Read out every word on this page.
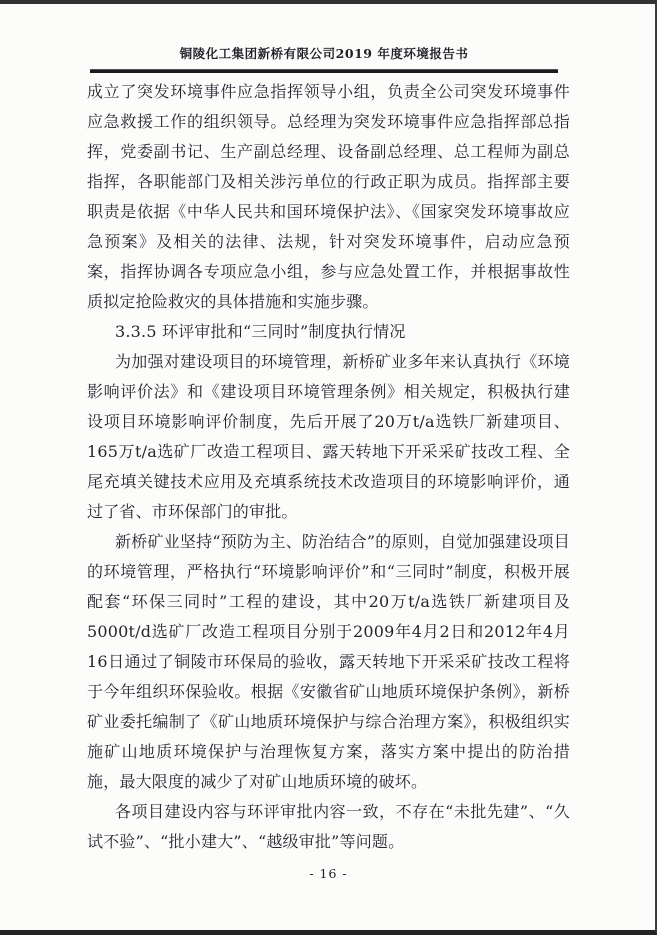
铜陵化工集团新桥有限公司2019 年度环境报告书

成立了突发环境事件应急指挥领导小组，负责全公司突发环境事件应急救援工作的组织领导。总经理为突发环境事件应急指挥部总指挥，党委副书记、生产副总经理、设备副总经理、总工程师为副总指挥，各职能部门及相关涉污单位的行政正职为成员。指挥部主要职责是依据《中华人民共和国环境保护法》、《国家突发环境事故应急预案》及相关的法律、法规，针对突发环境事件，启动应急预案，指挥协调各专项应急小组，参与应急处置工作，并根据事故性质拟定抢险救灾的具体措施和实施步骤。

3.3.5 环评审批和“三同时”制度执行情况

为加强对建设项目的环境管理，新桥矿业多年来认真执行《环境影响评价法》和《建设项目环境管理条例》相关规定，积极执行建设项目环境影响评价制度，先后开展了20万t/a选铁厂新建项目、165万t/a选矿厂改造工程项目、露天转地下开采采矿技改工程、全尾充填关键技术应用及充填系统技术改造项目的环境影响评价，通过了省、市环保部门的审批。

新桥矿业坚持“预防为主、防治结合”的原则，自觉加强建设项目的环境管理，严格执行“环境影响评价”和“三同时”制度，积极开展配套“环保三同时”工程的建设，其中20万t/a选铁厂新建项目及5000t/d选矿厂改造工程项目分别于2009年4月2日和2012年4月16日通过了铜陵市环保局的验收，露天转地下开采采矿技改工程将于今年组织环保验收。根据《安徽省矿山地质环境保护条例》，新桥矿业委托编制了《矿山地质环境保护与综合治理方案》，积极组织实施矿山地质环境保护与治理恢复方案，落实方案中提出的防治措施，最大限度的减少了对矿山地质环境的破坏。

各项目建设内容与环评审批内容一致，不存在“未批先建”、“久试不验”、“批小建大”、“越级审批”等问题。

- 16 -
